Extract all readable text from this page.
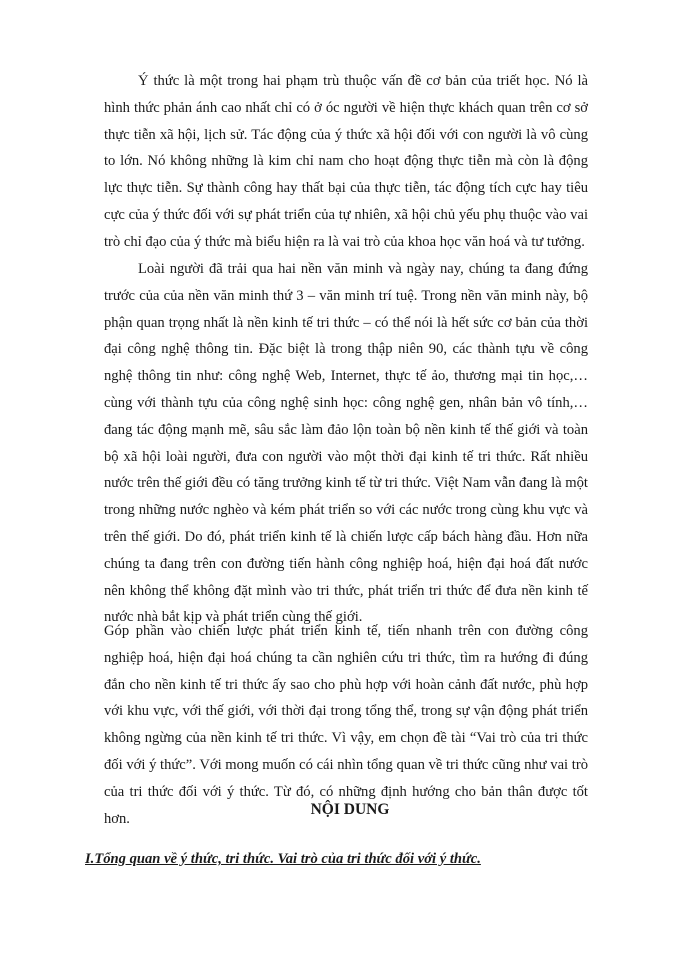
Ý thức là một trong hai phạm trù thuộc vấn đề cơ bản của triết học. Nó là hình thức phản ánh cao nhất chỉ có ở óc người về hiện thực khách quan trên cơ sở thực tiễn xã hội, lịch sử. Tác động của ý thức xã hội đối với con người là vô cùng to lớn. Nó không những là kim chỉ nam cho hoạt động thực tiễn mà còn là động lực thực tiễn. Sự thành công hay thất bại của thực tiễn, tác động tích cực hay tiêu cực của ý thức đối với sự phát triển của tự nhiên, xã hội chủ yếu phụ thuộc vào vai trò chỉ đạo của ý thức mà biểu hiện ra là vai trò của khoa học văn hoá và tư tưởng.

Loài người đã trải qua hai nền văn minh và ngày nay, chúng ta đang đứng trước của của nền văn minh thứ 3 – văn minh trí tuệ. Trong nền văn minh này, bộ phận quan trọng nhất là nền kinh tế tri thức – có thể nói là hết sức cơ bản của thời đại công nghệ thông tin. Đặc biệt là trong thập niên 90, các thành tựu về công nghệ thông tin như: công nghệ Web, Internet, thực tế ảo, thương mại tin học,… cùng với thành tựu của công nghệ sinh học: công nghệ gen, nhân bản vô tính,…đang tác động mạnh mẽ, sâu sắc làm đảo lộn toàn bộ nền kinh tế thế giới và toàn bộ xã hội loài người, đưa con người vào một thời đại kinh tế tri thức. Rất nhiều nước trên thế giới đều có tăng trưởng kinh tế từ tri thức. Việt Nam vẫn đang là một trong những nước nghèo và kém phát triển so với các nước trong cùng khu vực và trên thế giới. Do đó, phát triển kinh tế là chiến lược cấp bách hàng đầu. Hơn nữa chúng ta đang trên con đường tiến hành công nghiệp hoá, hiện đại hoá đất nước nên không thể không đặt mình vào tri thức, phát triển tri thức để đưa nền kinh tế nước nhà bắt kịp và phát triển cùng thế giới.

Góp phần vào chiến lược phát triển kinh tế, tiến nhanh trên con đường công nghiệp hoá, hiện đại hoá chúng ta cần nghiên cứu tri thức, tìm ra hướng đi đúng đắn cho nền kinh tế tri thức ấy sao cho phù hợp với hoàn cảnh đất nước, phù hợp với khu vực, với thế giới, với thời đại trong tổng thể, trong sự vận động phát triển không ngừng của nền kinh tế tri thức. Vì vậy, em chọn đề tài “Vai trò của tri thức đối với ý thức”. Với mong muốn có cái nhìn tổng quan về tri thức cũng như vai trò của tri thức đối với ý thức. Từ đó, có những định hướng cho bản thân được tốt hơn.

NỘI DUNG

I.Tổng quan về ý thức, tri thức. Vai trò của tri thức đối với ý thức.
